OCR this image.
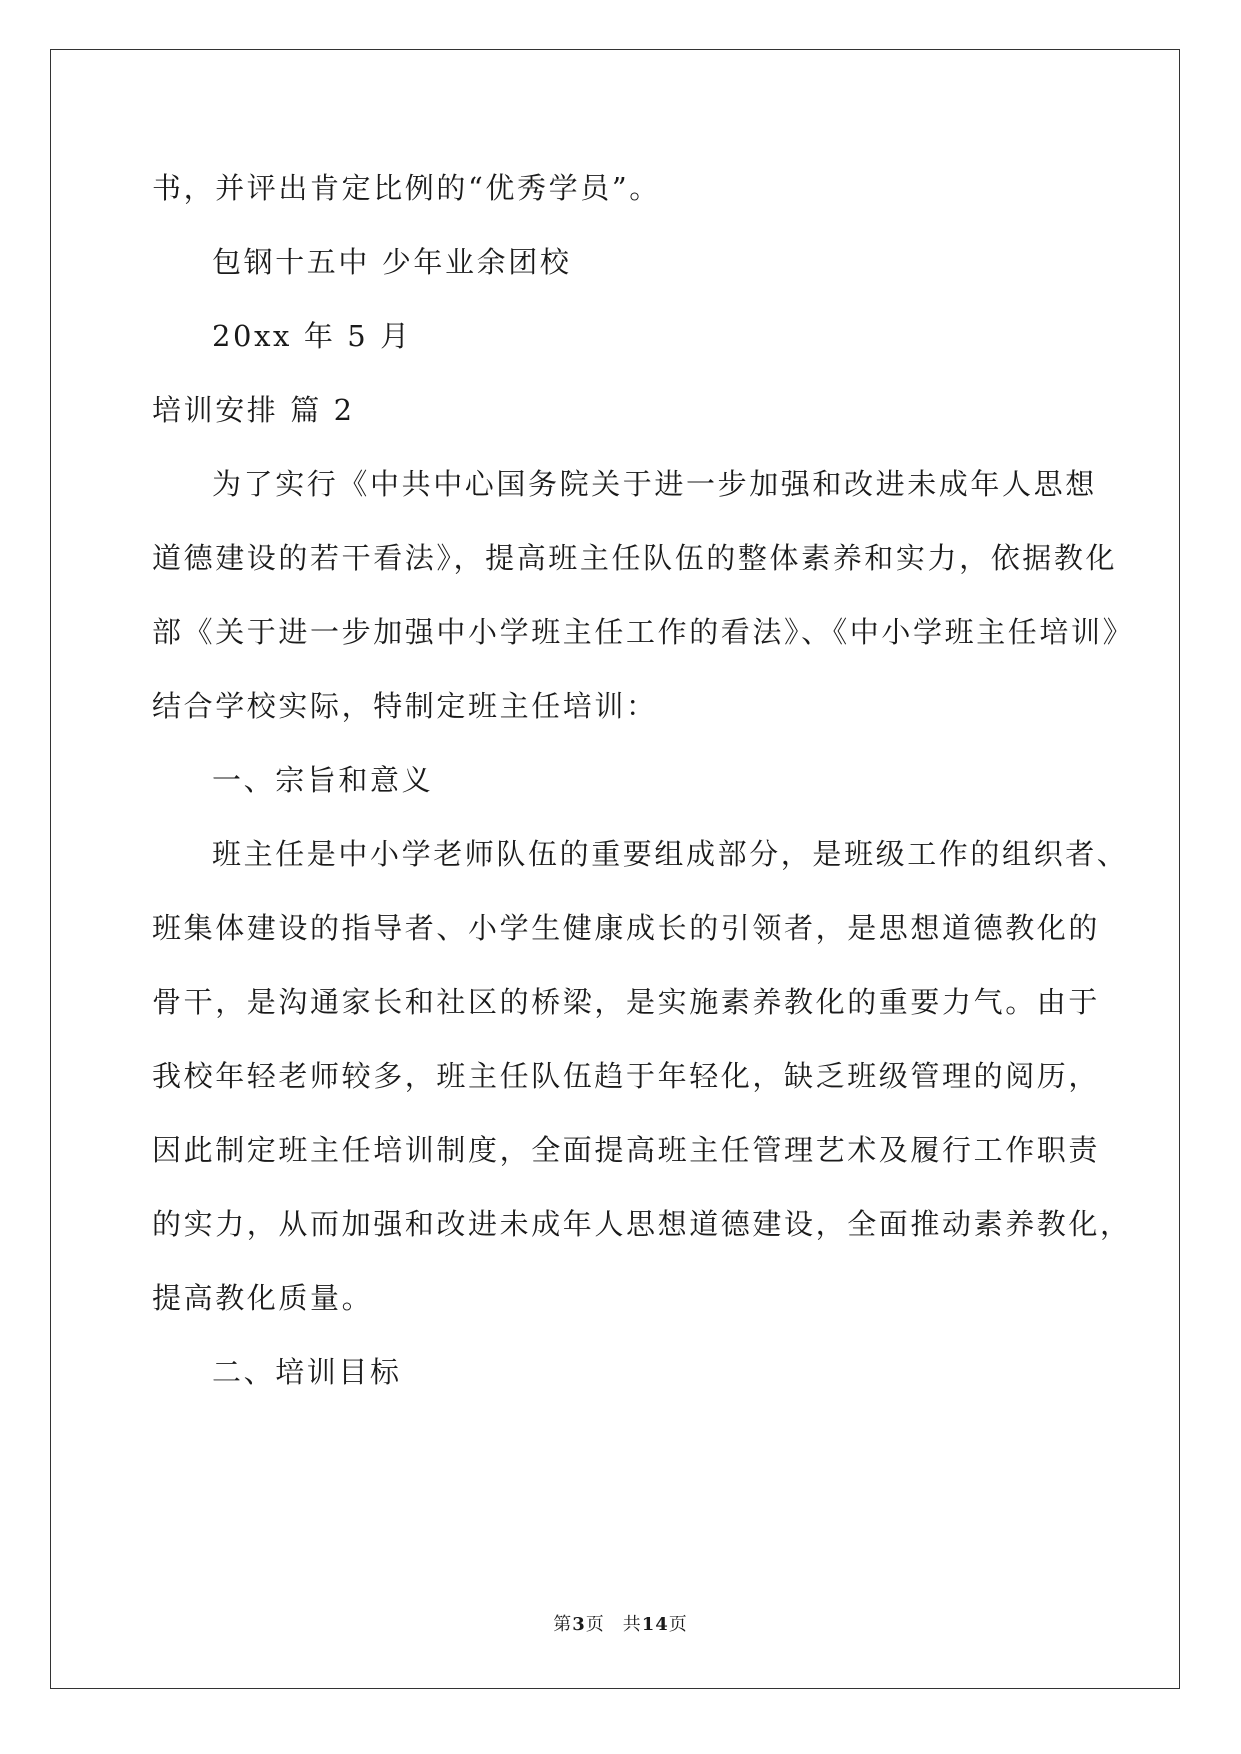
书，并评出肯定比例的“优秀学员”。
包钢十五中 少年业余团校
20xx 年 5 月
培训安排 篇 2
为了实行《中共中心国务院关于进一步加强和改进未成年人思想
道德建设的若干看法》，提高班主任队伍的整体素养和实力，依据教化
部《关于进一步加强中小学班主任工作的看法》、《中小学班主任培训》
结合学校实际，特制定班主任培训：
一、宗旨和意义
班主任是中小学老师队伍的重要组成部分，是班级工作的组织者、
班集体建设的指导者、小学生健康成长的引领者，是思想道德教化的
骨干，是沟通家长和社区的桥梁，是实施素养教化的重要力气。由于
我校年轻老师较多，班主任队伍趋于年轻化，缺乏班级管理的阅历，
因此制定班主任培训制度，全面提高班主任管理艺术及履行工作职责
的实力，从而加强和改进未成年人思想道德建设，全面推动素养教化，
提高教化质量。
二、培训目标
第3页 共14页
